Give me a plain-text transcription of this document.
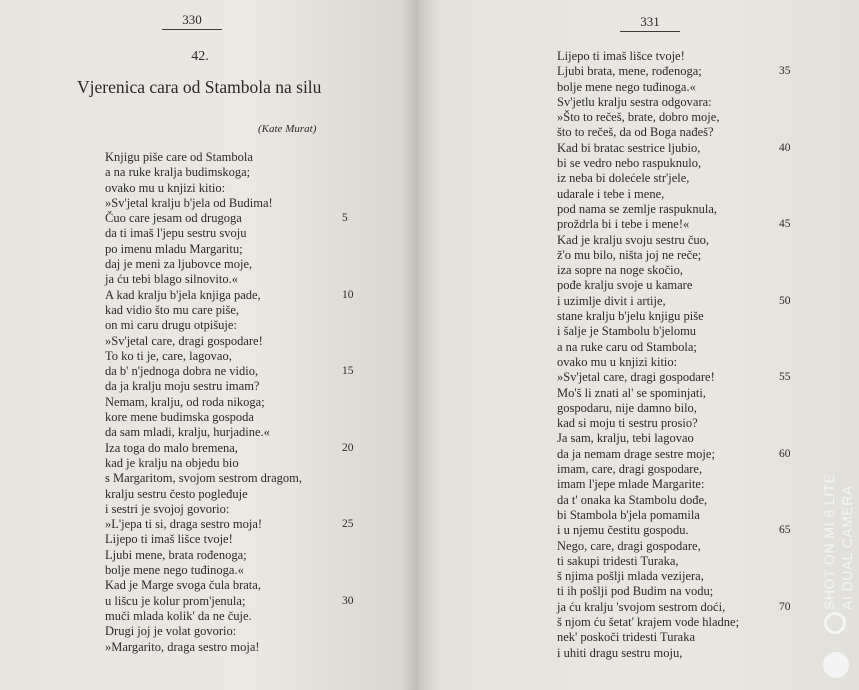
330
42.
Vjerenica cara od Stambola na silu
(Kate Murat)
Knjigu piše care od Stambola
a na ruke kralja budimskoga;
ovako mu u knjizi kitio:
»Sv'jetal kralju b'jela od Budima!
Čuo care jesam od drugoga	5
da ti imaš l'jepu sestru svoju
po imenu mladu Margaritu;
daj je meni za ljubovce moje,
ja ću tebi blago silnovito.«
A kad kralju b'jela knjiga pade,	10
kad vidio što mu care piše,
on mi caru drugu otpišuje:
»Sv'jetal care, dragi gospodare!
To ko ti je, care, lagovao,
da b' n'jednoga dobra ne vidio,	15
da ja kralju moju sestru imam?
Nemam, kralju, od roda nikoga;
kore mene budimska gospoda
da sam mladi, kralju, hurjadine.«
Iza toga do malo bremena,	20
kad je kralju na objedu bio
s Margaritom, svojom sestrom dragom,
kralju sestru često pogleđuje
i sestri je svojoj govorio:
»L'jepa ti si, draga sestro moja!	25
Lijepo ti imaš lišce tvoje!
Ljubi mene, brata rođenoga;
bolje mene nego tuđinoga.«
Kad je Marge svoga čula brata,
u lišcu je kolur prom'jenula;	30
muči mlada kolik' da ne čuje.
Drugi joj je volat govorio:
»Margarito, draga sestro moja!
331
Lijepo ti imaš lišce tvoje!
Ljubi brata, mene, rođenoga;	35
bolje mene nego tuđinoga.«
Sv'jetlu kralju sestra odgovara:
»Što to rečeš, brate, dobro moje,
što to rečeš, da od Boga nađeš?
Kad bi bratac sestrice ljubio,	40
bi se vedro nebo raspuknulo,
iz neba bi dolećele str'jele,
udarale i tebe i mene,
pod nama se zemlje raspuknula,
proždrla bi i tebe i mene!«	45
Kad je kralju svoju sestru čuo,
ž'o mu bilo, ništa joj ne reče;
iza sopre na noge skočio,
pođe kralju svoje u kamare
i uzimlje divit i artije,	50
stane kralju b'jelu knjigu piše
i šalje je Stambolu b'jelomu
a na ruke caru od Stambola;
ovako mu u knjizi kitio:
»Sv'jetal care, dragi gospodare!	55
Mo'š li znati al' se spominjati,
gospodaru, nije damno bilo,
kad si moju ti sestru prosio?
Ja sam, kralju, tebi lagovao
da ja nemam drage sestre moje;	60
imam, care, dragi gospodare,
imam l'jepe mlade Margarite:
da t' onaka ka Stambolu dođe,
bi Stambola b'jela pomamila
i u njemu čestitu gospodu.	65
Nego, care, dragi gospodare,
ti sakupi tridesti Turaka,
š njima pošlji mlada vezijera,
ti ih pošlji pod Budim na vodu;
ja ću kralju 'svojom sestrom doći,	70
š njom ću šetat' krajem vode hladne;
nek' poskoči tridesti Turaka
i uhiti dragu sestru moju,
SHOT ON MI 8 LITE AI DUAL CAMERA
